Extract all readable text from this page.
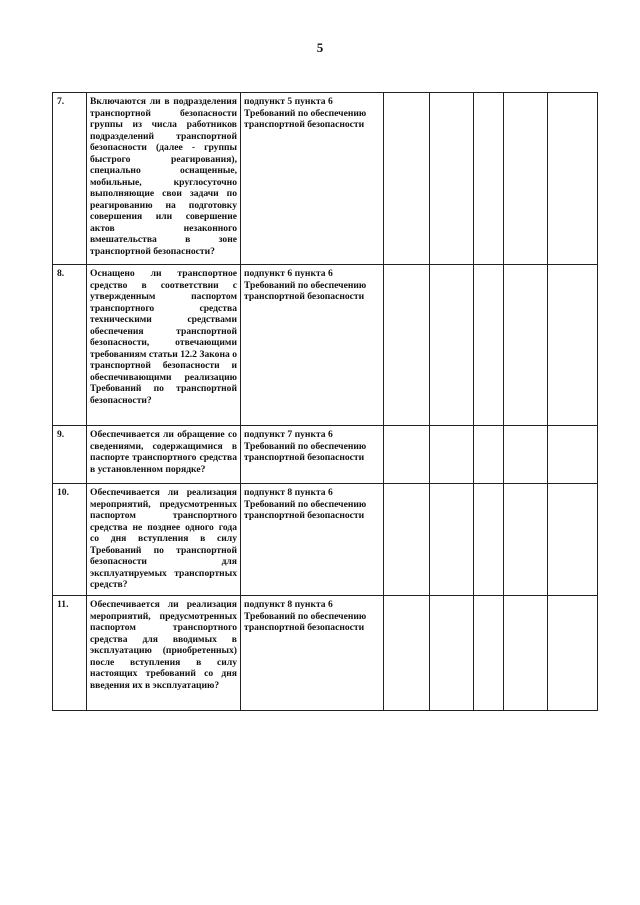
5
7.	Включаются ли в подразделения транспортной безопасности группы из числа работников подразделений транспортной безопасности (далее - группы быстрого реагирования), специально оснащенные, мобильные, круглосуточно выполняющие свои задачи по реагированию на подготовку совершения или совершение актов незаконного вмешательства в зоне транспортной безопасности?	подпункт 5 пункта 6 Требований по обеспечению транспортной безопасности					
8.	Оснащено ли транспортное средство в соответствии с утвержденным паспортом транспортного средства техническими средствами обеспечения транспортной безопасности, отвечающими требованиям статьи 12.2 Закона о транспортной безопасности и обеспечивающими реализацию Требований по транспортной безопасности?	подпункт 6 пункта 6 Требований по обеспечению транспортной безопасности					
9.	Обеспечивается ли обращение со сведениями, содержащимися в паспорте транспортного средства в установленном порядке?	подпункт 7 пункта 6 Требований по обеспечению транспортной безопасности					
10.	Обеспечивается ли реализация мероприятий, предусмотренных паспортом транспортного средства не позднее одного года со дня вступления в силу Требований по транспортной безопасности для эксплуатируемых транспортных средств?	подпункт 8 пункта 6 Требований по обеспечению транспортной безопасности					
11.	Обеспечивается ли реализация мероприятий, предусмотренных паспортом транспортного средства для вводимых в эксплуатацию (приобретенных) после вступления в силу настоящих требований со дня введения их в эксплуатацию?	подпункт 8 пункта 6 Требований по обеспечению транспортной безопасности					
